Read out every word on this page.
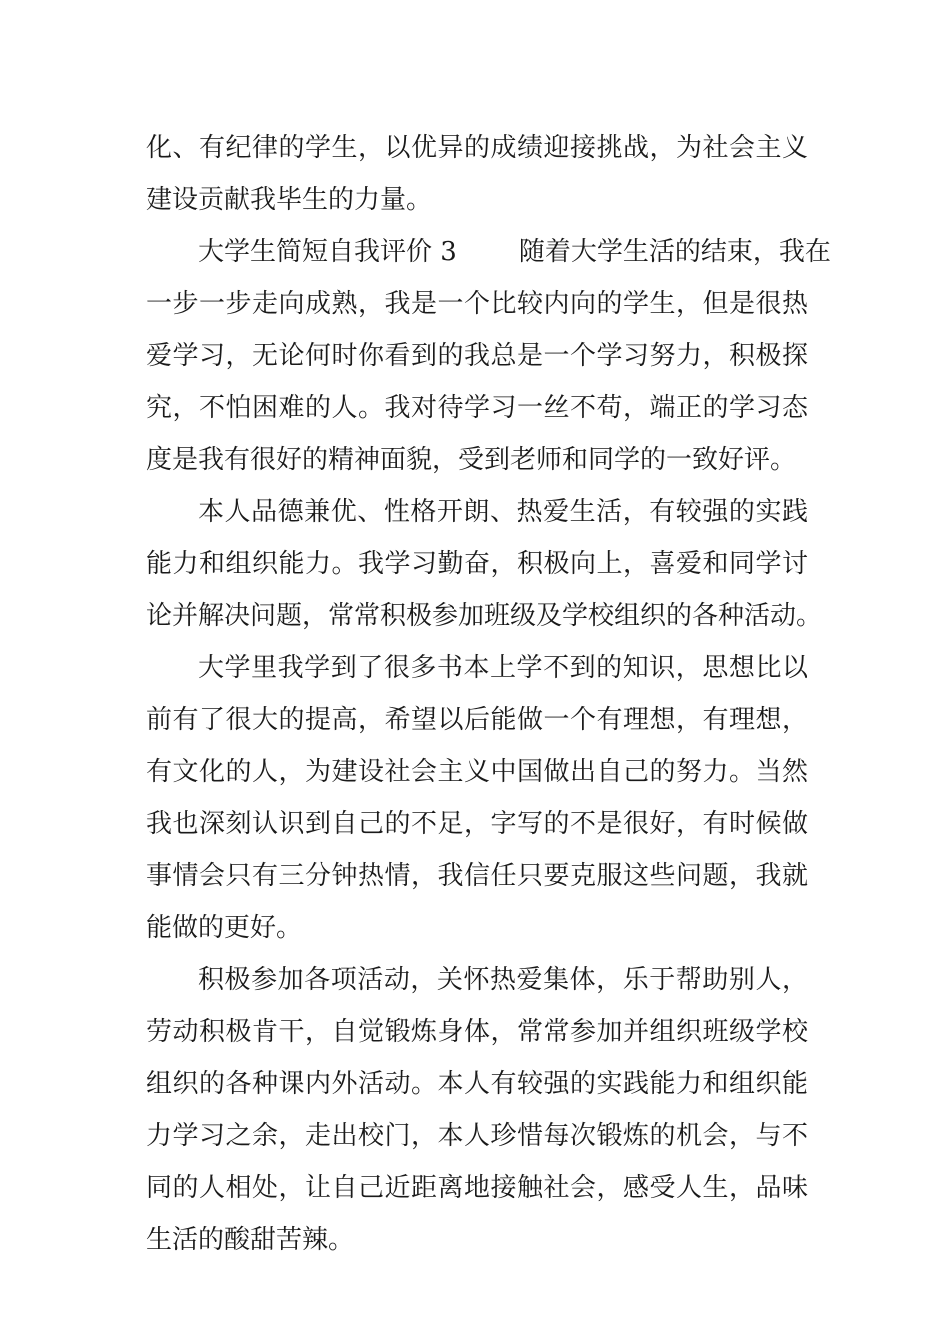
化、有纪律的学生，以优异的成绩迎接挑战，为社会主义
建设贡献我毕生的力量。
大学生简短自我评价 3 随着大学生活的结束，我在
一步一步走向成熟，我是一个比较内向的学生，但是很热
爱学习，无论何时你看到的我总是一个学习努力，积极探
究，不怕困难的人。我对待学习一丝不苟，端正的学习态
度是我有很好的精神面貌，受到老师和同学的一致好评。
本人品德兼优、性格开朗、热爱生活，有较强的实践
能力和组织能力。我学习勤奋，积极向上，喜爱和同学讨
论并解决问题，常常积极参加班级及学校组织的各种活动。
大学里我学到了很多书本上学不到的知识，思想比以
前有了很大的提高，希望以后能做一个有理想，有理想，
有文化的人，为建设社会主义中国做出自己的努力。当然
我也深刻认识到自己的不足，字写的不是很好，有时候做
事情会只有三分钟热情，我信任只要克服这些问题，我就
能做的更好。
积极参加各项活动，关怀热爱集体，乐于帮助别人，
劳动积极肯干，自觉锻炼身体，常常参加并组织班级学校
组织的各种课内外活动。本人有较强的实践能力和组织能
力学习之余，走出校门，本人珍惜每次锻炼的机会，与不
同的人相处，让自己近距离地接触社会，感受人生，品味
生活的酸甜苦辣。
